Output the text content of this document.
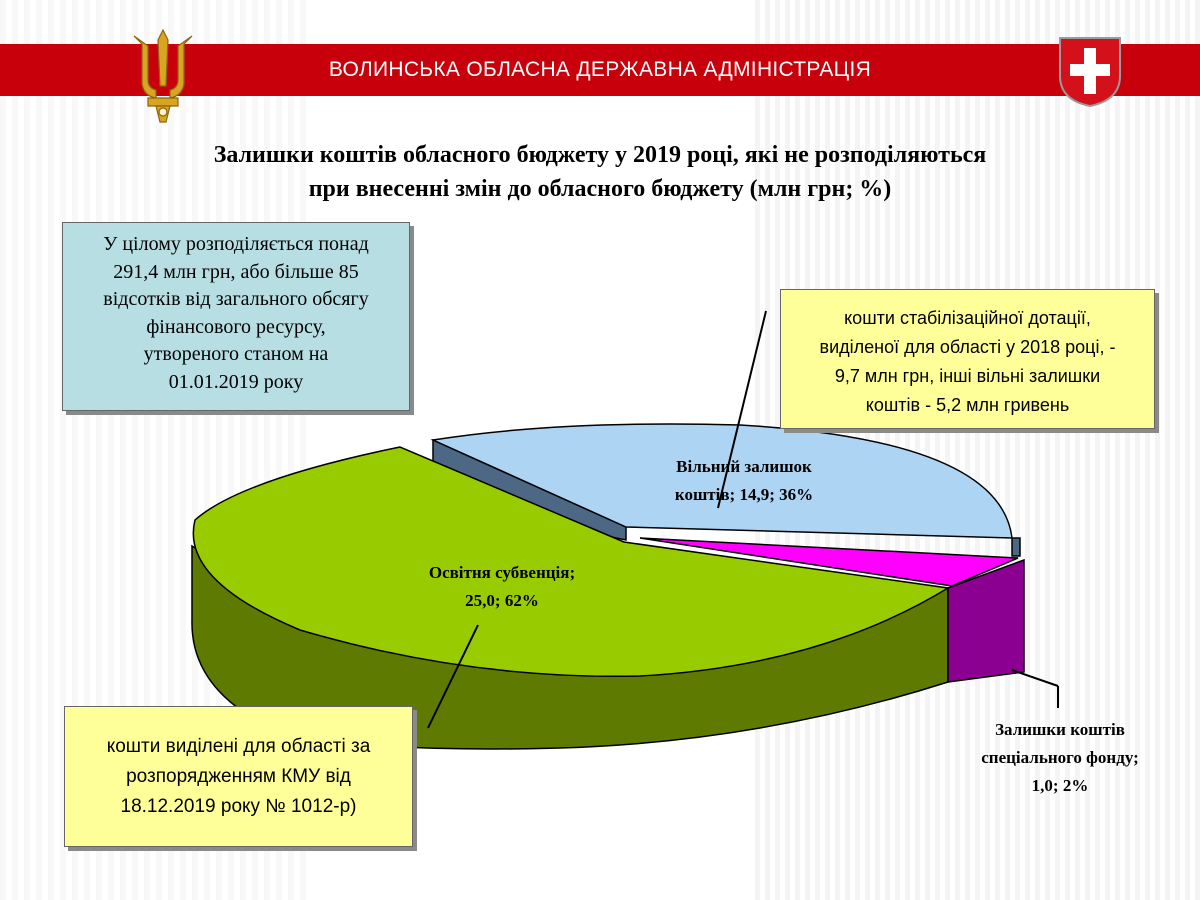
ВОЛИНСЬКА ОБЛАСНА ДЕРЖАВНА АДМІНІСТРАЦІЯ
Залишки коштів обласного бюджету у 2019 році, які не розподіляються
при внесенні змін до обласного бюджету (млн грн; %)
Вільний залишок
коштів; 14,9; 36%
Освітня субвенція;
25,0; 62%
Залишки коштів
спеціального фонду;
1,0; 2%
У цілому розподіляється понад
291,4 млн грн, або більше 85
відсотків від загального обсягу
фінансового ресурсу,
утвореного станом на
01.01.2019 року
кошти стабілізаційної дотації,
виділеної для області у 2018 році, -
9,7 млн грн, інші вільні залишки
коштів - 5,2 млн гривень
кошти виділені для області за
розпорядженням КМУ від
18.12.2019 року № 1012-р)
